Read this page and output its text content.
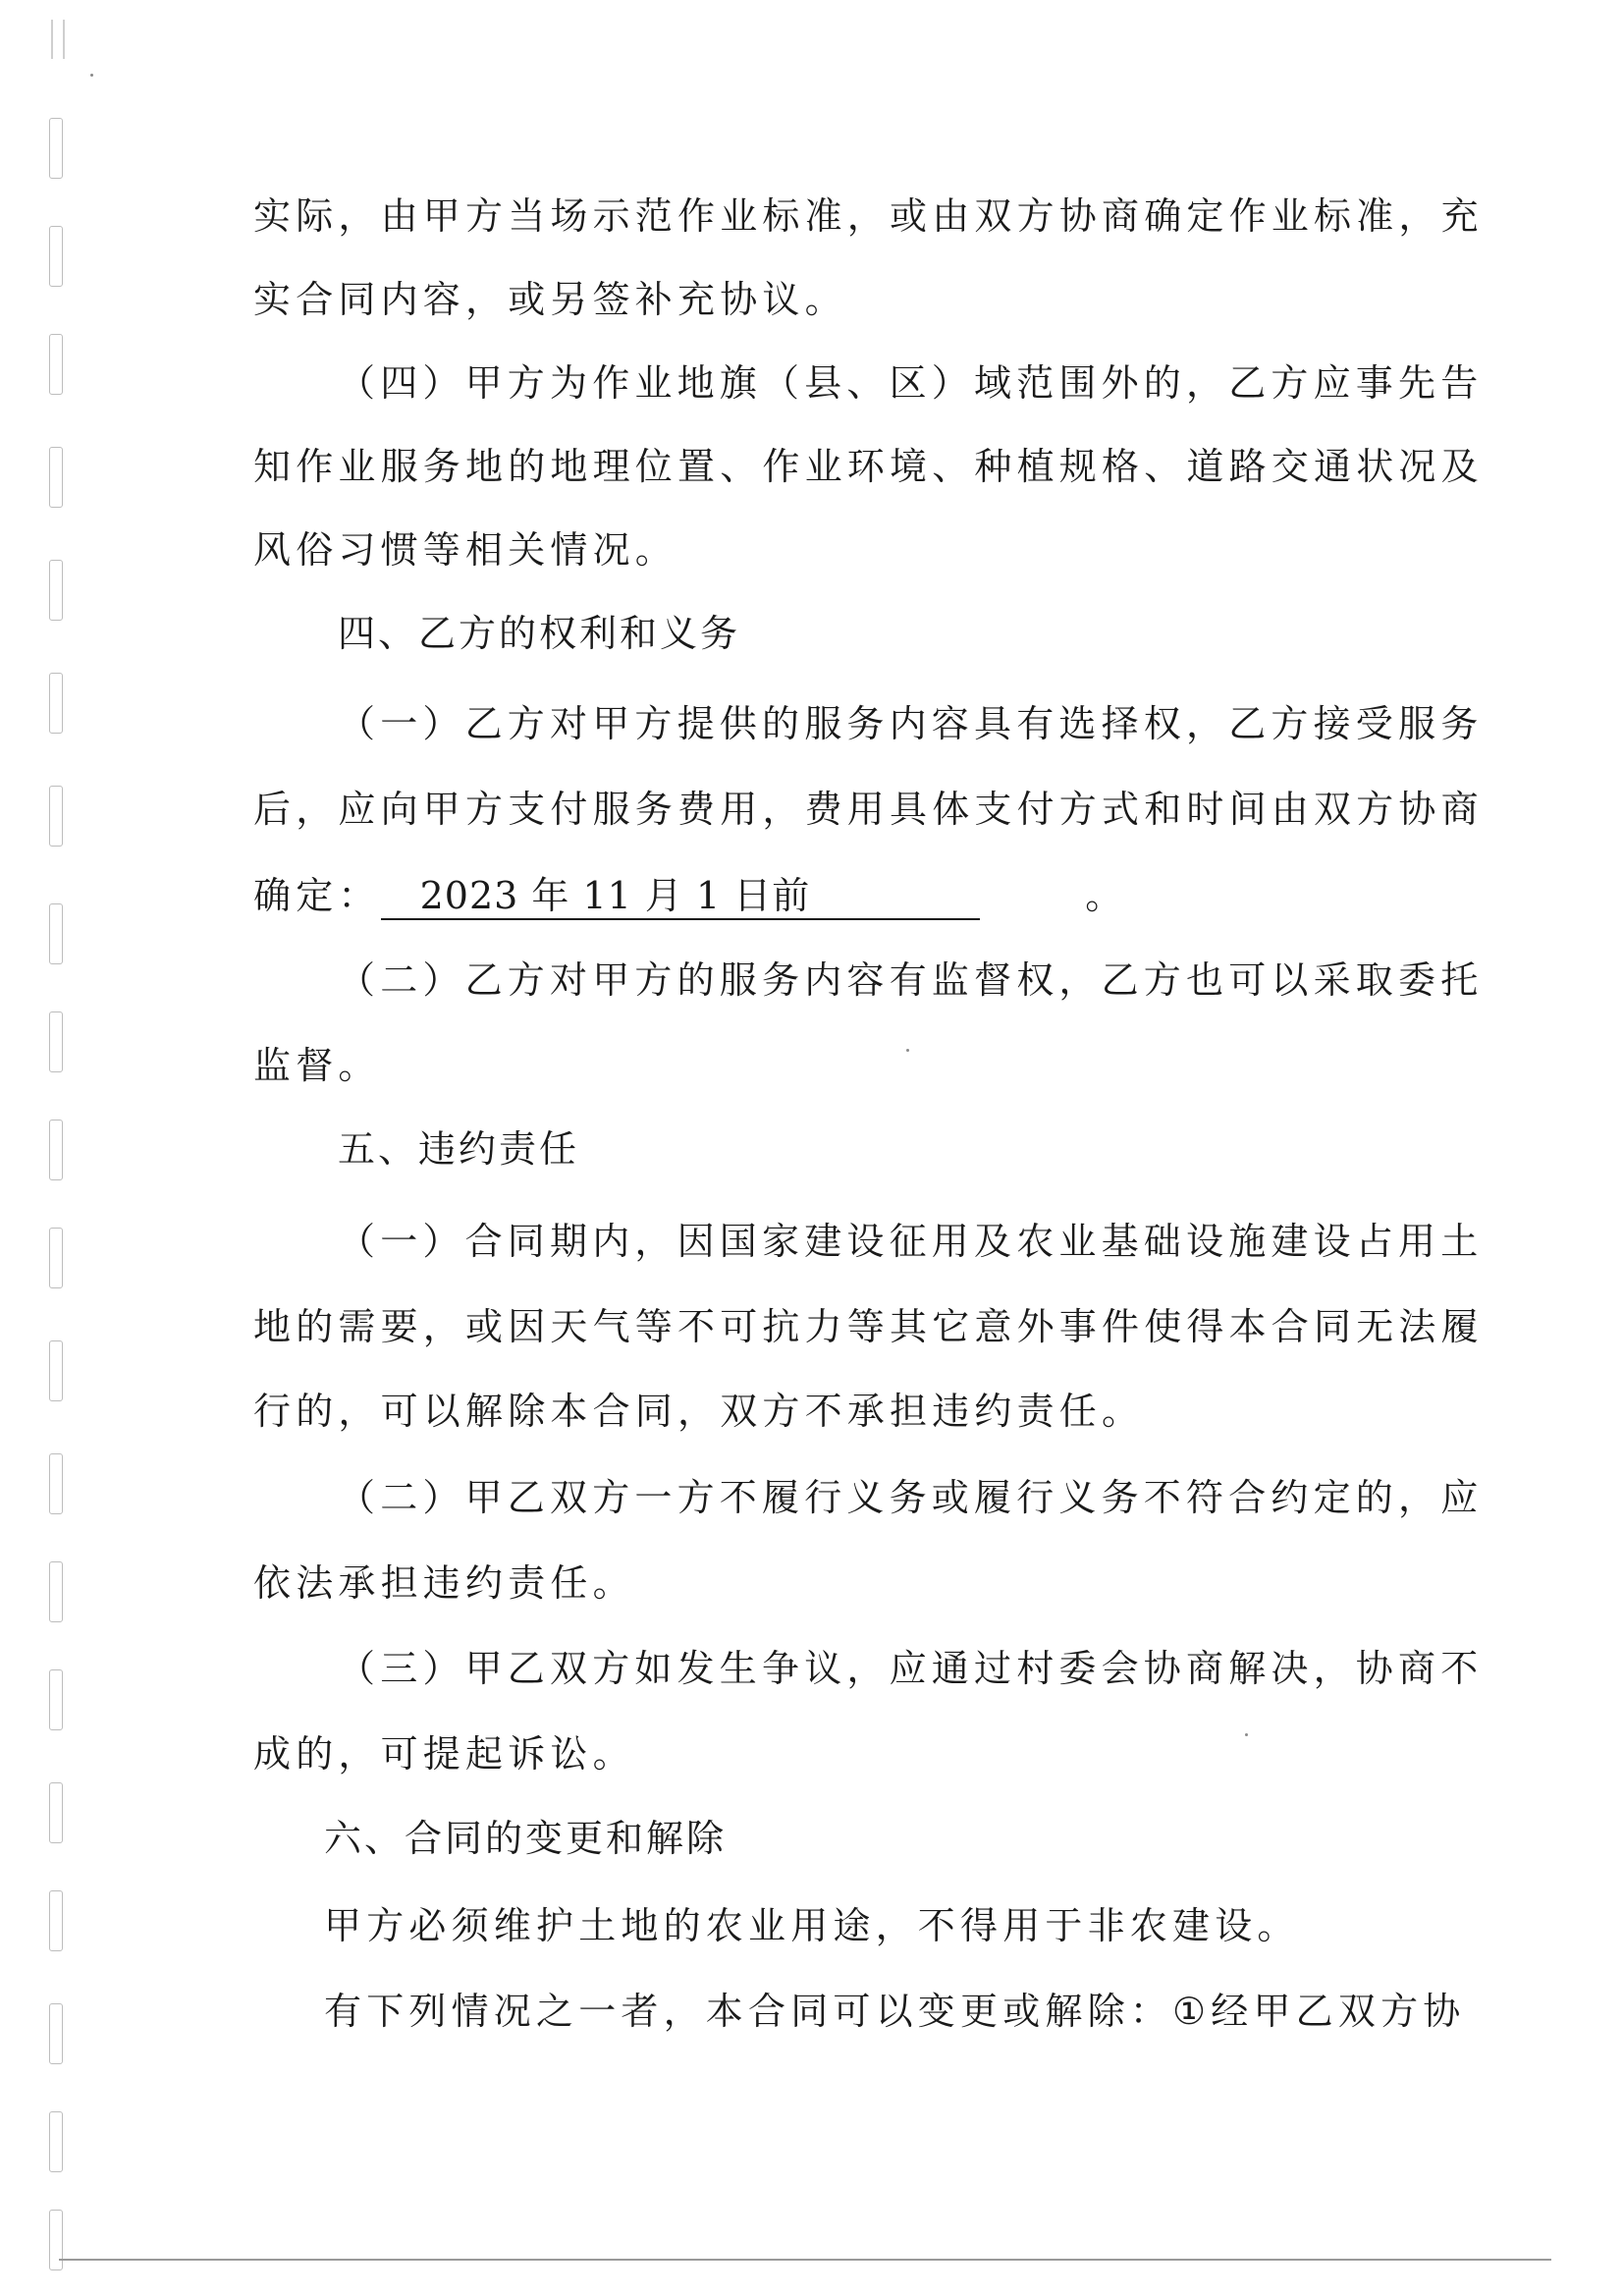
实际，由甲方当场示范作业标准，或由双方协商确定作业标准，充
实合同内容，或另签补充协议。
（四）甲方为作业地旗（县、区）域范围外的，乙方应事先告
知作业服务地的地理位置、作业环境、种植规格、道路交通状况及
风俗习惯等相关情况。
四、乙方的权利和义务
（一）乙方对甲方提供的服务内容具有选择权，乙方接受服务
后，应向甲方支付服务费用，费用具体支付方式和时间由双方协商
确定： 2023 年 11 月 1 日前	。
（二）乙方对甲方的服务内容有监督权，乙方也可以采取委托
监督。
五、违约责任
（一）合同期内，因国家建设征用及农业基础设施建设占用土
地的需要，或因天气等不可抗力等其它意外事件使得本合同无法履
行的，可以解除本合同，双方不承担违约责任。
（二）甲乙双方一方不履行义务或履行义务不符合约定的，应
依法承担违约责任。
（三）甲乙双方如发生争议，应通过村委会协商解决，协商不
成的，可提起诉讼。
六、合同的变更和解除
甲方必须维护土地的农业用途，不得用于非农建设。
有下列情况之一者，本合同可以变更或解除：①经甲乙双方协
